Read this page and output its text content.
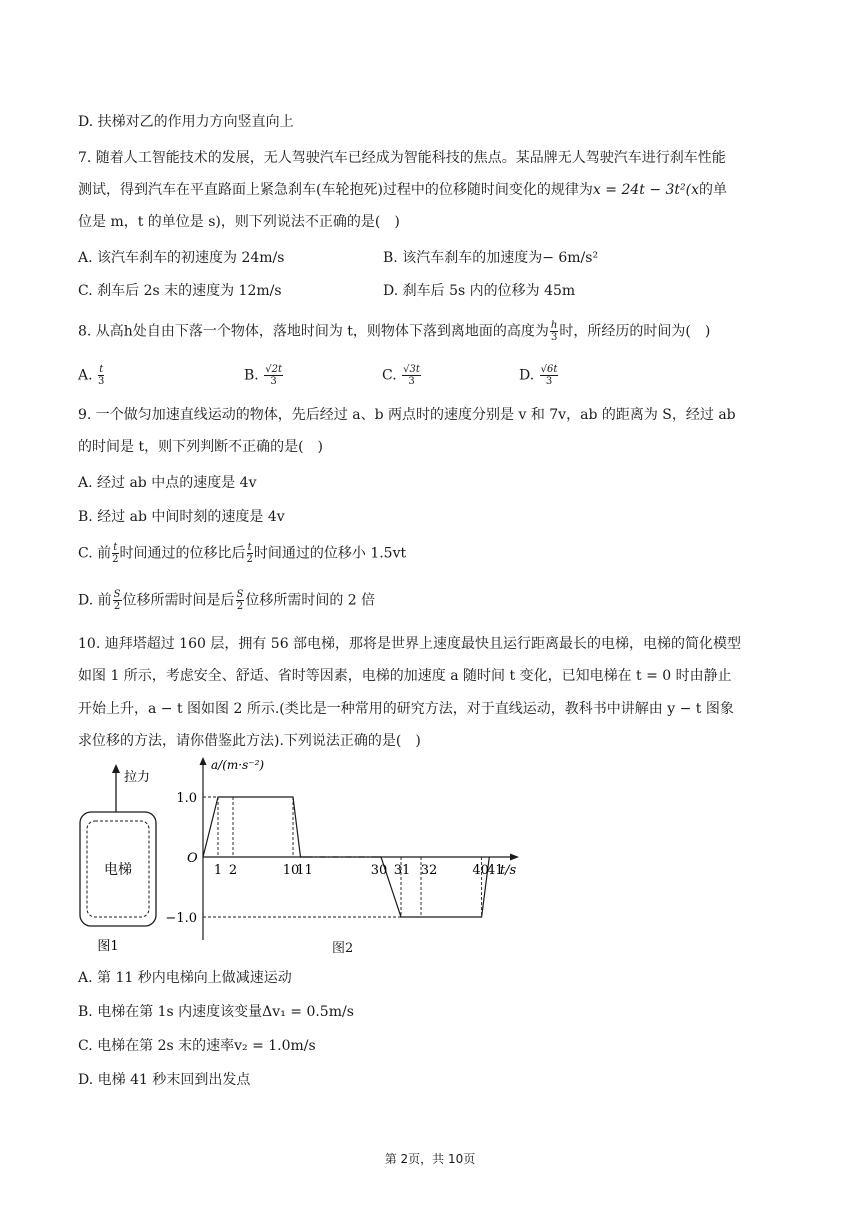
D. 扶梯对乙的作用力方向竖直向上
7. 随着人工智能技术的发展，无人驾驶汽车已经成为智能科技的焦点。某品牌无人驾驶汽车进行刹车性能
测试，得到汽车在平直路面上紧急刹车(车轮抱死)过程中的位移随时间变化的规律为x = 24t − 3t²(x的单
位是 m，t 的单位是 s)，则下列说法不正确的是(　)
A. 该汽车刹车的初速度为 24m/s	B. 该汽车刹车的加速度为− 6m/s²
C. 刹车后 2s 末的速度为 12m/s	D. 刹车后 5s 内的位移为 45m
8. 从高h处自由下落一个物体，落地时间为 t，则物体下落到离地面的高度为 $\frac{h}{3}$ 时，所经历的时间为(　)
A. $\frac{t}{3}$	B. $\frac{√2t}{3}$	C. $\frac{√3t}{3}$	D. $\frac{√6t}{3}$
9. 一个做匀加速直线运动的物体，先后经过 a、b 两点时的速度分别是 v 和 7v，ab 的距离为 S，经过 ab
的时间是 t，则下列判断不正确的是(　)
A. 经过 ab 中点的速度是 4v
B. 经过 ab 中间时刻的速度是 4v
C. 前 $\frac{t}{2}$ 时间通过的位移比后 $\frac{t}{2}$ 时间通过的位移小 1.5vt
D. 前 $\frac{S}{2}$ 位移所需时间是后 $\frac{S}{2}$ 位移所需时间的 2 倍
10. 迪拜塔超过 160 层，拥有 56 部电梯，那将是世界上速度最快且运行距离最长的电梯，电梯的简化模型
如图 1 所示，考虑安全、舒适、省时等因素，电梯的加速度 a 随时间 t 变化，已知电梯在 t = 0 时由静止
开始上升，a − t 图如图 2 所示.(类比是一种常用的研究方法，对于直线运动，教科书中讲解由 y − t 图象
求位移的方法，请你借鉴此方法).下列说法正确的是(　)
拉力
电梯
图1
a/(m·s⁻²)
t/s
O
1.0
−1.0
1 2	10
11	30 31 32	40
41
图2
A. 第 11 秒内电梯向上做减速运动
B. 电梯在第 1s 内速度该变量Δv₁ = 0.5m/s
C. 电梯在第 2s 末的速率v₂ = 1.0m/s
D. 电梯 41 秒末回到出发点
第 2页，共 10页
